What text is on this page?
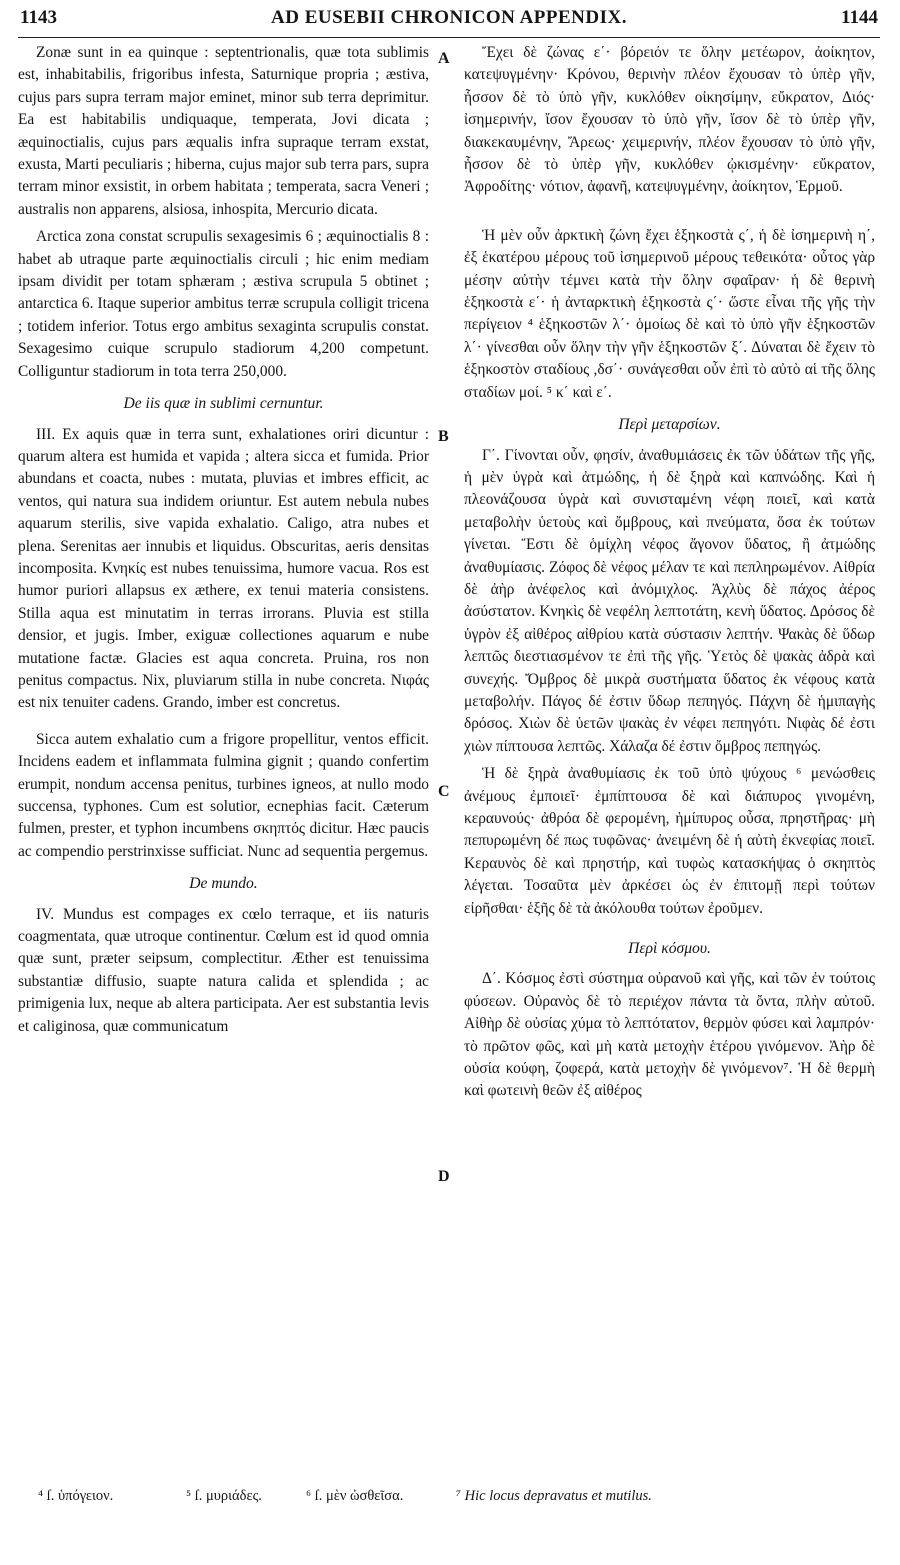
1143	AD EUSEBII CHRONICON APPENDIX.	1144

Zonæ sunt in ea quinque : septentrionalis, quæ tota sublimis est, inhabitabilis, frigoribus infesta, Saturnique propria ; æstiva, cujus pars supra terram major eminet, minor sub terra deprimitur. Ea est habitabilis undiquaque, temperata, Jovi dicata ; æquinoctialis, cujus pars æqualis infra supraque terram exstat, exusta, Marti peculiaris ; hiberna, cujus major sub terra pars, supra terram minor exsistit, in orbem habitata ; temperata, sacra Veneri ; australis non apparens, alsiosa, inhospita, Mercurio dicata.

Arctica zona constat scrupulis sexagesimis 6 ; æquinoctialis 8 : habet ab utraque parte æquinoctialis circuli ; hic enim mediam ipsam dividit per totam sphæram ; æstiva scrupula 5 obtinet ; antarctica 6. Itaque superior ambitus terræ scrupula colligit tricena ; totidem inferior. Totus ergo ambitus sexaginta scrupulis constat. Sexagesimo cuique scrupulo stadiorum 4,200 competunt. Colliguntur stadiorum in tota terra 250,000.

De iis quæ in sublimi cernuntur.

III. Ex aquis quæ in terra sunt, exhalationes oriri dicuntur : quarum altera est humida et vapida ; altera sicca et fumida. Prior abundans et coacta, nubes : mutata, pluvias et imbres efficit, ac ventos, qui natura sua indidem oriuntur. Est autem nebula nubes aquarum sterilis, sive vapida exhalatio. Caligo, atra nubes et plena. Serenitas aer innubis et liquidus. Obscuritas, aeris densitas incomposita. Κνηκίς est nubes tenuissima, humore vacua. Ros est humor puriori allapsus ex æthere, ex tenui materia consistens. Stilla aqua est minutatim in terras irrorans. Pluvia est stilla densior, et jugis. Imber, exiguæ collectiones aquarum e nube mutatione factæ. Glacies est aqua concreta. Pruina, ros non penitus compactus. Nix, pluviarum stilla in nube concreta. Νιφάς est nix tenuiter cadens. Grando, imber est concretus.

Sicca autem exhalatio cum a frigore propellitur, ventos efficit. Incidens eadem et inflammata fulmina gignit ; quando confertim erumpit, nondum accensa penitus, turbines igneos, at nullo modo succensa, typhones. Cum est solutior, ecnephias facit. Cæterum fulmen, prester, et typhon incumbens σκηπτός dicitur. Hæc paucis ac compendio perstrinxisse sufficiat. Nunc ad sequentia pergemus.

De mundo.

IV. Mundus est compages ex cœlo terraque, et iis naturis coagmentata, quæ utroque continentur. Cœlum est id quod omnia quæ sunt, præter seipsum, complectitur. Æther est tenuissima substantiæ diffusio, suapte natura calida et splendida ; ac primigenia lux, neque ab altera participata. Aer est substantia levis et caliginosa, quæ communicatum

A
B
C
D

Ἔχει δὲ ζώνας ε΄· βόρειόν τε ὅλην μετέωρον, ἀοίκητον, κατεψυγμένην· Κρόνου, θερινὴν πλέον ἔχουσαν τὸ ὑπὲρ γῆν, ἧσσον δὲ τὸ ὑπὸ γῆν, κυκλόθεν οἰκησίμην, εὔκρατον, Διός· ἰσημερινήν, ἴσον ἔχουσαν τὸ ὑπὸ γῆν, ἴσον δὲ τὸ ὑπὲρ γῆν, διακεκαυμένην, Ἄρεως· χειμερινήν, πλέον ἔχουσαν τὸ ὑπὸ γῆν, ἧσσον δὲ τὸ ὑπὲρ γῆν, κυκλόθεν ᾠκισμένην· εὔκρατον, Ἀφροδίτης· νότιον, ἀφανῆ, κατεψυγμένην, ἀοίκητον, Ἑρμοῦ.

Ἡ μὲν οὖν ἀρκτικὴ ζώνη ἔχει ἑξηκοστὰ ς΄, ἡ δὲ ἰσημερινὴ η΄, ἐξ ἑκατέρου μέρους τοῦ ἰσημερινοῦ μέρους τεθεικότα· οὗτος γὰρ μέσην αὐτὴν τέμνει κατὰ τὴν ὅλην σφαῖραν· ἡ δὲ θερινὴ ἑξηκοστὰ ε΄· ἡ ἀνταρκτικὴ ἑξηκοστὰ ς΄· ὥστε εἶναι τῆς γῆς τὴν περίγειον ⁴ ἑξηκοστῶν λ΄· ὁμοίως δὲ καὶ τὸ ὑπὸ γῆν ἑξηκοστῶν λ΄· γίνεσθαι οὖν ὅλην τὴν γῆν ἑξηκοστῶν ξ΄. Δύναται δὲ ἔχειν τὸ ἑξηκοστὸν σταδίους ,δσ΄· συνάγεσθαι οὖν ἐπὶ τὸ αὐτὸ αἱ τῆς ὅλης σταδίων μοί. ⁵ κ΄ καὶ ε΄.

Περὶ μεταρσίων.

Γ΄. Γίνονται οὖν, φησίν, ἀναθυμιάσεις ἐκ τῶν ὑδάτων τῆς γῆς, ἡ μὲν ὑγρὰ καὶ ἀτμώδης, ἡ δὲ ξηρὰ καὶ καπνώδης. Καὶ ἡ πλεονάζουσα ὑγρὰ καὶ συνισταμένη νέφη ποιεῖ, καὶ κατὰ μεταβολὴν ὑετοὺς καὶ ὄμβρους, καὶ πνεύματα, ὅσα ἐκ τούτων γίνεται. Ἔστι δὲ ὁμίχλη νέφος ἄγονον ὕδατος, ἢ ἀτμώδης ἀναθυμίασις. Ζόφος δὲ νέφος μέλαν τε καὶ πεπληρωμένον. Αἰθρία δὲ ἀὴρ ἀνέφελος καὶ ἀνόμιχλος. Ἀχλὺς δὲ πάχος ἀέρος ἀσύστατον. Κνηκὶς δὲ νεφέλη λεπτοτάτη, κενὴ ὕδατος. Δρόσος δὲ ὑγρὸν ἐξ αἰθέρος αἰθρίου κατὰ σύστασιν λεπτήν. Ψακὰς δὲ ὕδωρ λεπτῶς διεστιασμένον τε ἐπὶ τῆς γῆς. Ὑετὸς δὲ ψακὰς ἀδρὰ καὶ συνεχής. Ὄμβρος δὲ μικρὰ συστήματα ὕδατος ἐκ νέφους κατὰ μεταβολήν. Πάγος δέ ἐστιν ὕδωρ πεπηγός. Πάχνη δὲ ἡμιπαγὴς δρόσος. Χιὼν δὲ ὑετῶν ψακὰς ἐν νέφει πεπηγότι. Νιφὰς δέ ἐστι χιὼν πίπτουσα λεπτῶς. Χάλαζα δέ ἐστιν ὄμβρος πεπηγώς.

Ἡ δὲ ξηρὰ ἀναθυμίασις ἐκ τοῦ ὑπὸ ψύχους ⁶ μενώσθεις ἀνέμους ἐμποιεῖ· ἐμπίπτουσα δὲ καὶ διάπυρος γινομένη, κεραυνούς· ἀθρόα δὲ φερομένη, ἡμίπυρος οὖσα, πρηστῆρας· μὴ πεπυρωμένη δέ πως τυφῶνας· ἀνειμένη δὲ ἡ αὐτὴ ἐκνεφίας ποιεῖ. Κεραυνὸς δὲ καὶ πρηστήρ, καὶ τυφὼς κατασκήψας ὁ σκηπτὸς λέγεται. Τοσαῦτα μὲν ἀρκέσει ὡς ἐν ἐπιτομῇ περὶ τούτων εἰρῆσθαι· ἑξῆς δὲ τὰ ἀκόλουθα τούτων ἐροῦμεν.

Περὶ κόσμου.

Δ΄. Κόσμος ἐστὶ σύστημα οὐρανοῦ καὶ γῆς, καὶ τῶν ἐν τούτοις φύσεων. Οὐρανὸς δὲ τὸ περιέχον πάντα τὰ ὄντα, πλὴν αὐτοῦ. Αἰθὴρ δὲ οὐσίας χύμα τὸ λεπτότατον, θερμὸν φύσει καὶ λαμπρόν· τὸ πρῶτον φῶς, καὶ μὴ κατὰ μετοχὴν ἑτέρου γινόμενον. Ἀὴρ δὲ οὐσία κούφη, ζοφερά, κατὰ μετοχὴν δὲ γινόμενον⁷. Ἡ δὲ θερμὴ καὶ φωτεινὴ θεῶν ἐξ αἰθέρος

⁴ ſ. ὑπόγειον.	⁵ ſ. μυριάδες.	⁶ ſ. μὲν ὠσθεῖσα.	⁷ Hic locus depravatus et mutilus.
